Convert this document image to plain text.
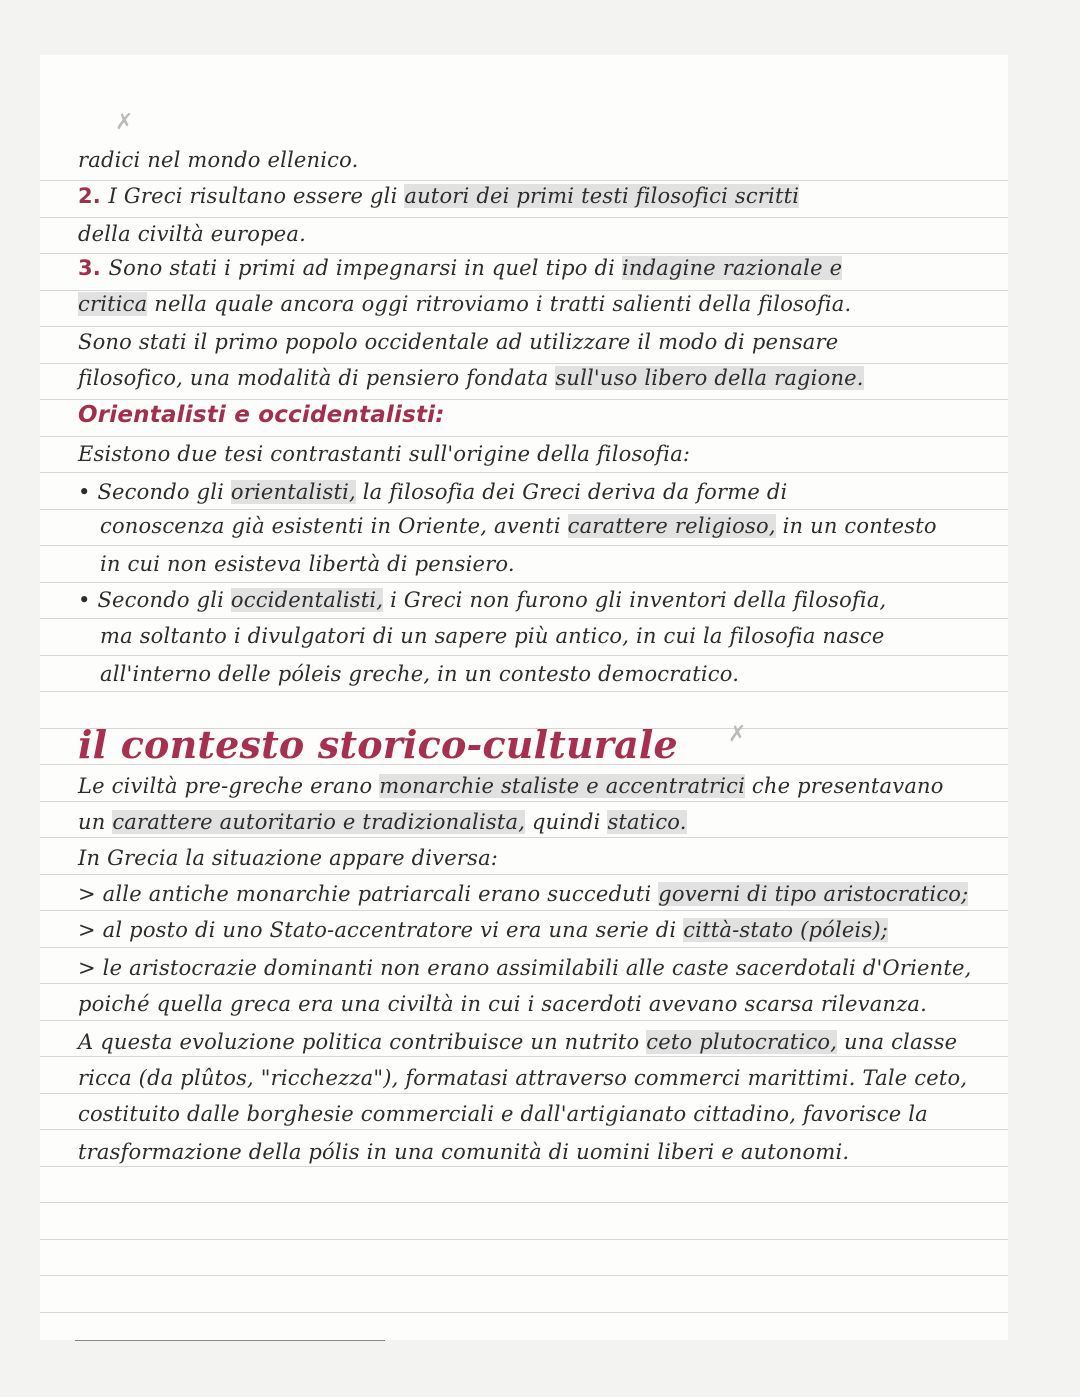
✗
✗
radici nel mondo ellenico.
2. I Greci risultano essere gli autori dei primi testi filosofici scritti
della civiltà europea.
3. Sono stati i primi ad impegnarsi in quel tipo di indagine razionale e
critica nella quale ancora oggi ritroviamo i tratti salienti della filosofia.
Sono stati il primo popolo occidentale ad utilizzare il modo di pensare
filosofico, una modalità di pensiero fondata sull'uso libero della ragione.
Orientalisti e occidentalisti:
Esistono due tesi contrastanti sull'origine della filosofia:
• Secondo gli orientalisti, la filosofia dei Greci deriva da forme di
conoscenza già esistenti in Oriente, aventi carattere religioso, in un contesto
in cui non esisteva libertà di pensiero.
• Secondo gli occidentalisti, i Greci non furono gli inventori della filosofia,
ma soltanto i divulgatori di un sapere più antico, in cui la filosofia nasce
all'interno delle póleis greche, in un contesto democratico.
il contesto storico-culturale
Le civiltà pre-greche erano monarchie staliste e accentratrici che presentavano
un carattere autoritario e tradizionalista, quindi statico.
In Grecia la situazione appare diversa:
> alle antiche monarchie patriarcali erano succeduti governi di tipo aristocratico;
> al posto di uno Stato-accentratore vi era una serie di città-stato (póleis);
> le aristocrazie dominanti non erano assimilabili alle caste sacerdotali d'Oriente,
poiché quella greca era una civiltà in cui i sacerdoti avevano scarsa rilevanza.
A questa evoluzione politica contribuisce un nutrito ceto plutocratico, una classe
ricca (da plûtos, "ricchezza"), formatasi attraverso commerci marittimi. Tale ceto,
costituito dalle borghesie commerciali e dall'artigianato cittadino, favorisce la
trasformazione della pólis in una comunità di uomini liberi e autonomi.
